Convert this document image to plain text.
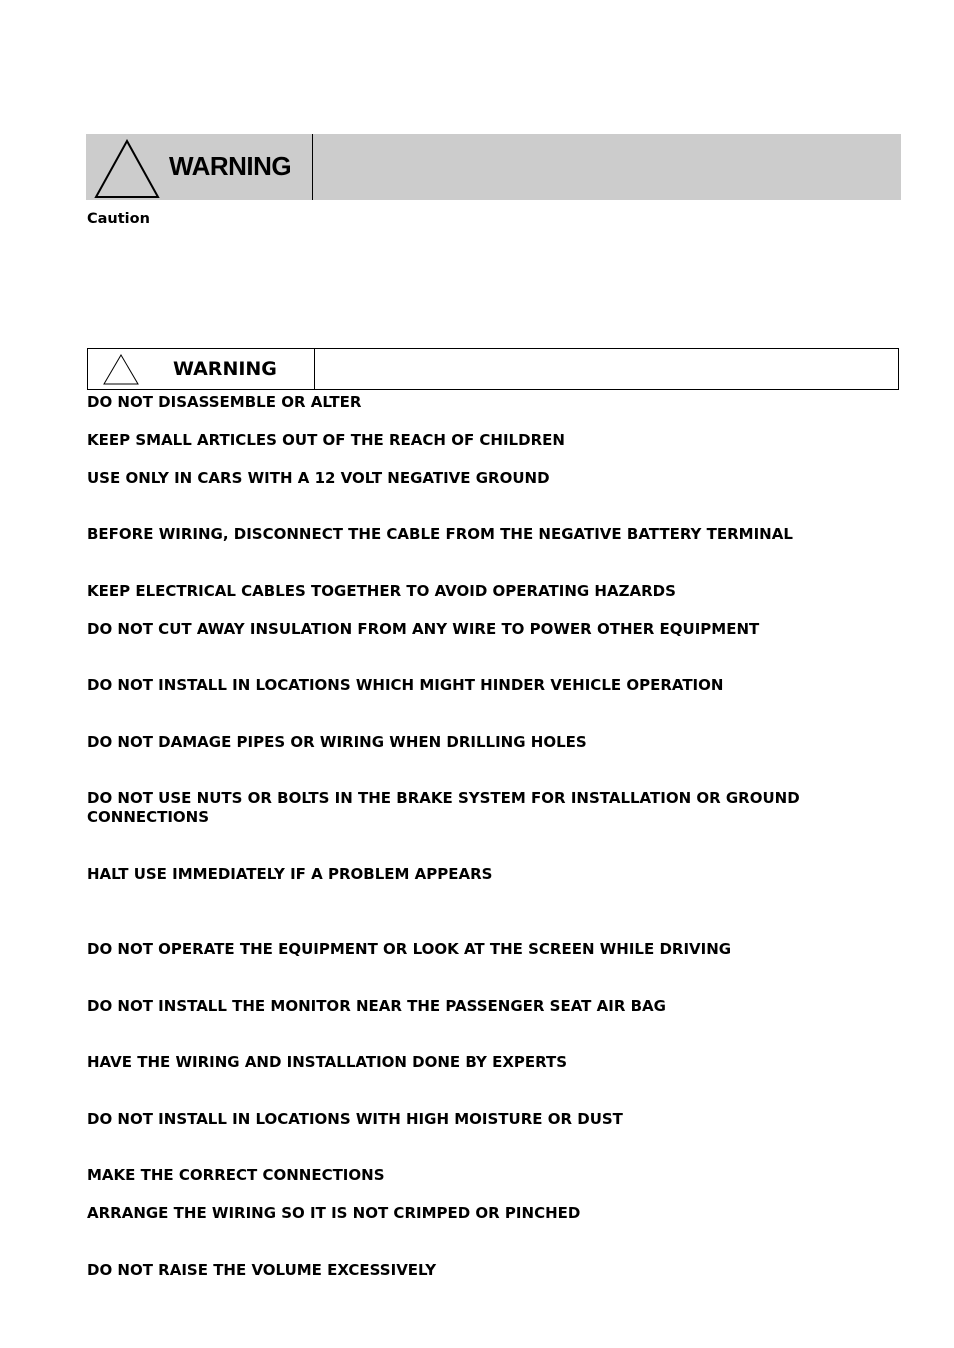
WARNING
Caution
WARNING
DO NOT DISASSEMBLE OR ALTER
KEEP SMALL ARTICLES OUT OF THE REACH OF CHILDREN
USE ONLY IN CARS WITH A 12 VOLT NEGATIVE GROUND
BEFORE WIRING, DISCONNECT THE CABLE FROM THE NEGATIVE BATTERY TERMINAL
KEEP ELECTRICAL CABLES TOGETHER TO AVOID OPERATING HAZARDS
DO NOT CUT AWAY INSULATION FROM ANY WIRE TO POWER OTHER EQUIPMENT
DO NOT INSTALL IN LOCATIONS WHICH MIGHT HINDER VEHICLE OPERATION
DO NOT DAMAGE PIPES OR WIRING WHEN DRILLING HOLES
DO NOT USE NUTS OR BOLTS IN THE BRAKE SYSTEM FOR INSTALLATION OR GROUND CONNECTIONS
HALT USE IMMEDIATELY IF A PROBLEM APPEARS
DO NOT OPERATE THE EQUIPMENT OR LOOK AT THE SCREEN WHILE DRIVING
DO NOT INSTALL THE MONITOR NEAR THE PASSENGER SEAT AIR BAG
HAVE THE WIRING AND INSTALLATION DONE BY EXPERTS
DO NOT INSTALL IN LOCATIONS WITH HIGH MOISTURE OR DUST
MAKE THE CORRECT CONNECTIONS
ARRANGE THE WIRING SO IT IS NOT CRIMPED OR PINCHED
DO NOT RAISE THE VOLUME EXCESSIVELY
